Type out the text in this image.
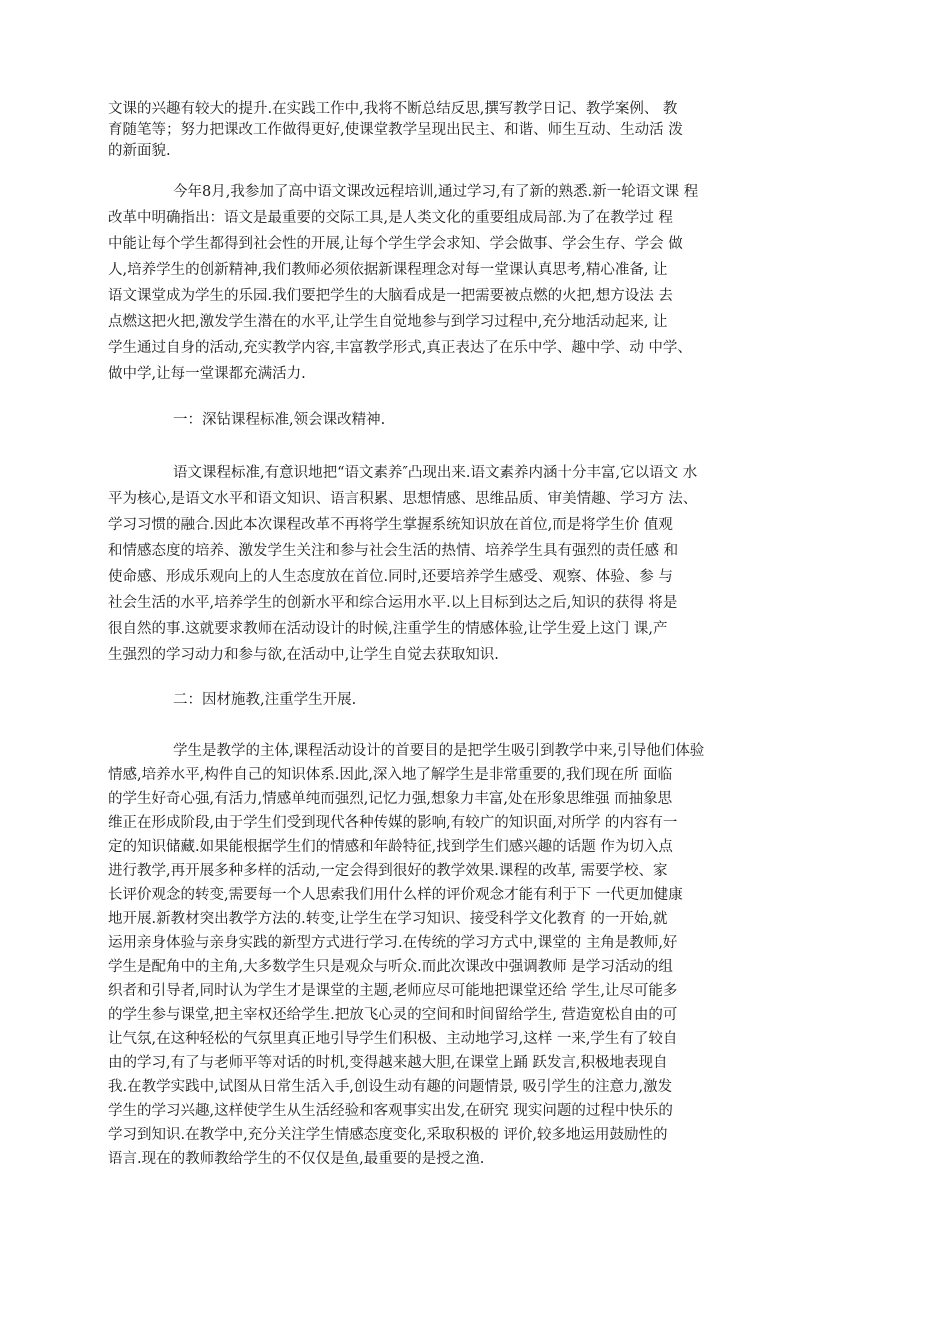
文课的兴趣有较大的提升.在实践工作中,我将不断总结反思,撰写教学日记、教学案例、 教
育随笔等；努力把课改工作做得更好,使课堂教学呈现出民主、和谐、师生互动、生动活 泼
的新面貌.
今年8月,我参加了高中语文课改远程培训,通过学习,有了新的熟悉.新一轮语文课 程
改革中明确指出：语文是最重要的交际工具,是人类文化的重要组成局部.为了在教学过 程
中能让每个学生都得到社会性的开展,让每个学生学会求知、学会做事、学会生存、学会 做
人,培养学生的创新精神,我们教师必须依据新课程理念对每一堂课认真思考,精心准备, 让
语文课堂成为学生的乐园.我们要把学生的大脑看成是一把需要被点燃的火把,想方设法 去
点燃这把火把,激发学生潜在的水平,让学生自觉地参与到学习过程中,充分地活动起来, 让
学生通过自身的活动,充实教学内容,丰富教学形式,真正表达了在乐中学、趣中学、动 中学、
做中学,让每一堂课都充满活力.
一：深钻课程标准,领会课改精神.
语文课程标准,有意识地把“语文素养″凸现出来.语文素养内涵十分丰富,它以语文 水
平为核心,是语文水平和语文知识、语言积累、思想情感、思维品质、审美情趣、学习方 法、
学习习惯的融合.因此本次课程改革不再将学生掌握系统知识放在首位,而是将学生价 值观
和情感态度的培养、激发学生关注和参与社会生活的热情、培养学生具有强烈的责任感 和
使命感、形成乐观向上的人生态度放在首位.同时,还要培养学生感受、观察、体验、参 与
社会生活的水平,培养学生的创新水平和综合运用水平.以上目标到达之后,知识的获得 将是
很自然的事.这就要求教师在活动设计的时候,注重学生的情感体验,让学生爱上这门 课,产
生强烈的学习动力和参与欲,在活动中,让学生自觉去获取知识.
二：因材施教,注重学生开展.
学生是教学的主体,课程活动设计的首要目的是把学生吸引到教学中来,引导他们体验
情感,培养水平,构件自己的知识体系.因此,深入地了解学生是非常重要的,我们现在所 面临
的学生好奇心强,有活力,情感单纯而强烈,记忆力强,想象力丰富,处在形象思维强 而抽象思
维正在形成阶段,由于学生们受到现代各种传媒的影响,有较广的知识面,对所学 的内容有一
定的知识储藏.如果能根据学生们的情感和年龄特征,找到学生们感兴趣的话题 作为切入点
进行教学,再开展多种多样的活动,一定会得到很好的教学效果.课程的改革, 需要学校、家
长评价观念的转变,需要每一个人思索我们用什么样的评价观念才能有利于下 一代更加健康
地开展.新教材突出教学方法的.转变,让学生在学习知识、接受科学文化教育 的一开始,就
运用亲身体验与亲身实践的新型方式进行学习.在传统的学习方式中,课堂的 主角是教师,好
学生是配角中的主角,大多数学生只是观众与听众.而此次课改中强调教师 是学习活动的组
织者和引导者,同时认为学生才是课堂的主题,老师应尽可能地把课堂还给 学生,让尽可能多
的学生参与课堂,把主宰权还给学生.把放飞心灵的空间和时间留给学生, 营造宽松自由的可
让气氛,在这种轻松的气氛里真正地引导学生们积极、主动地学习,这样 一来,学生有了较自
由的学习,有了与老师平等对话的时机,变得越来越大胆,在课堂上踊 跃发言,积极地表现自
我.在教学实践中,试图从日常生活入手,创设生动有趣的问题情景, 吸引学生的注意力,激发
学生的学习兴趣,这样使学生从生活经验和客观事实出发,在研究 现实问题的过程中快乐的
学习到知识.在教学中,充分关注学生情感态度变化,采取积极的 评价,较多地运用鼓励性的
语言.现在的教师教给学生的不仅仅是鱼,最重要的是授之渔.
